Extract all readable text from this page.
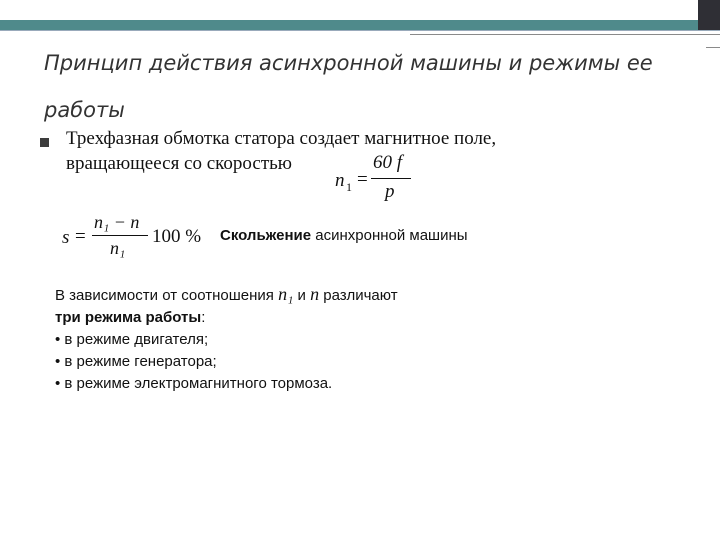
Принцип действия асинхронной машины и режимы ее работы
Трехфазная обмотка статора создает магнитное поле,
вращающееся со скоростью
n 1 =
60 f
p
s =
n₁ − n
n₁
100 % Скольжение асинхронной машины
В зависимости от соотношения n₁ и n различают
три режима работы:
• в режиме двигателя;
• в режиме генератора;
• в режиме электромагнитного тормоза.
